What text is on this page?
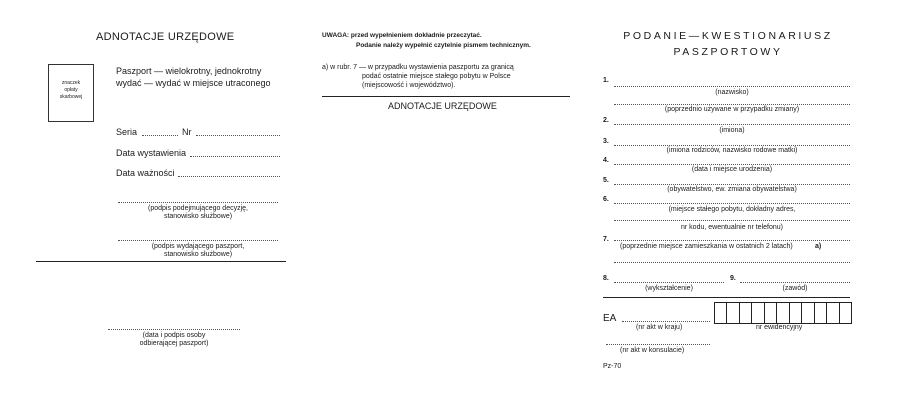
ADNOTACJE URZĘDOWE
znaczek
opłaty
skarbowej
Paszport — wielokrotny, jednokrotny
wydać — wydać w miejsce utraconego
Seria	Nr
Data wystawienia
Data ważności
(podpis podejmującego decyzję,
stanowisko służbowe)
(podpis wydającego paszport,
stanowisko służbowe)
(data i podpis osoby
odbierającej paszport)
UWAGA: przed wypełnieniem dokładnie przeczytać.
Podanie należy wypełnić czytelnie pismem technicznym.
a) w rubr. 7 — w przypadku wystawienia paszportu za granicą
podać ostatnie miejsce stałego pobytu w Polsce
(miejscowość i województwo).
ADNOTACJE URZĘDOWE
PODANIE—KWESTIONARIUSZ
PASZPORTOWY
1.
(nazwisko)
(poprzednio używane w przypadku zmiany)
2.
(imiona)
3.
(imiona rodziców, nazwisko rodowe matki)
4.
(data i miejsce urodzenia)
5.
(obywatelstwo, ew. zmiana obywatelstwa)
6.
(miejsce stałego pobytu, dokładny adres,
nr kodu, ewentualnie nr telefonu)
7.
(poprzednie miejsce zamieszkania w ostatnich 2 latach)	a)
8.
(wykształcenie)
9.
(zawód)
EA
(nr akt w kraju)	nr ewidencyjny
(nr akt w konsulacie)
Pz-70
